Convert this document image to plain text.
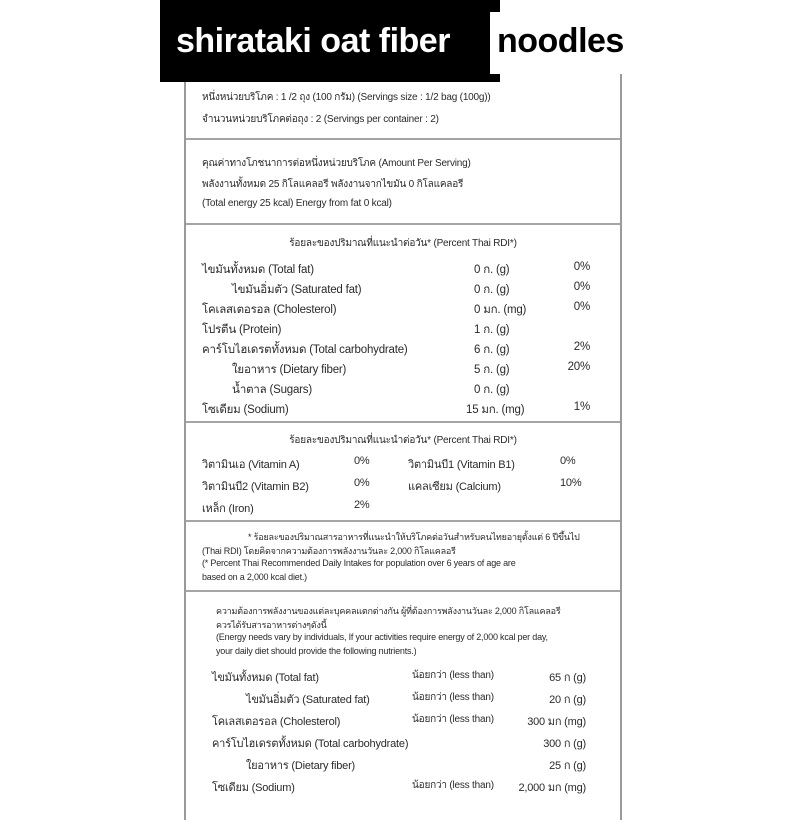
หนึ่งหน่วยบริโภค : 1 /2 ถุง (100 กรัม) (Servings size : 1/2 bag (100g))
จำนวนหน่วยบริโภคต่อถุง : 2 (Servings per container : 2)
คุณค่าทางโภชนาการต่อหนึ่งหน่วยบริโภค (Amount Per Serving)
พลังงานทั้งหมด 25 กิโลแคลอรี พลังงานจากไขมัน 0 กิโลแคลอรี
(Total energy 25 kcal) Energy from fat 0 kcal)
ร้อยละของปริมาณที่แนะนำต่อวัน* (Percent Thai RDI*)
ไขมันทั้งหมด (Total fat)	0 ก. (g)	0%
ไขมันอิ่มตัว (Saturated fat)	0 ก. (g)	0%
โคเลสเตอรอล (Cholesterol)	0 มก. (mg)	0%
โปรตีน (Protein)	1 ก. (g)
คาร์โบไฮเดรตทั้งหมด (Total carbohydrate)	6 ก. (g)	2%
ใยอาหาร (Dietary fiber)	5 ก. (g)	20%
น้ำตาล (Sugars)	0 ก. (g)
โซเดียม (Sodium)	15 มก. (mg)	1%
ร้อยละของปริมาณที่แนะนำต่อวัน* (Percent Thai RDI*)
วิตามินเอ (Vitamin A)	0%	วิตามินบี1 (Vitamin B1)	0%
วิตามินบี2 (Vitamin B2)	0%	แคลเซียม (Calcium)	10%
เหล็ก (Iron)	2%
* ร้อยละของปริมาณสารอาหารที่แนะนำให้บริโภคต่อวันสำหรับคนไทยอายุตั้งแต่ 6 ปีขึ้นไป
(Thai RDI) โดยคิดจากความต้องการพลังงานวันละ 2,000 กิโลแคลอรี
(* Percent Thai Recommended Daily Intakes for population over 6 years of age are
based on a 2,000 kcal diet.)
ความต้องการพลังงานของแต่ละบุคคลแตกต่างกัน ผู้ที่ต้องการพลังงานวันละ 2,000 กิโลแคลอรี
ควรได้รับสารอาหารต่างๆดังนี้
(Energy needs vary by individuals, If your activities require energy of 2,000 kcal per day,
your daily diet should provide the following nutrients.)
ไขมันทั้งหมด (Total fat)	น้อยกว่า (less than)	65 ก (g)
ไขมันอิ่มตัว (Saturated fat)	น้อยกว่า (less than)	20 ก (g)
โคเลสเตอรอล (Cholesterol)	น้อยกว่า (less than)	300 มก (mg)
คาร์โบไฮเดรตทั้งหมด (Total carbohydrate)	300 ก (g)
ใยอาหาร (Dietary fiber)	25 ก (g)
โซเดียม (Sodium)	น้อยกว่า (less than) 2,000 มก (mg)
shirataki oat fiber noodles
